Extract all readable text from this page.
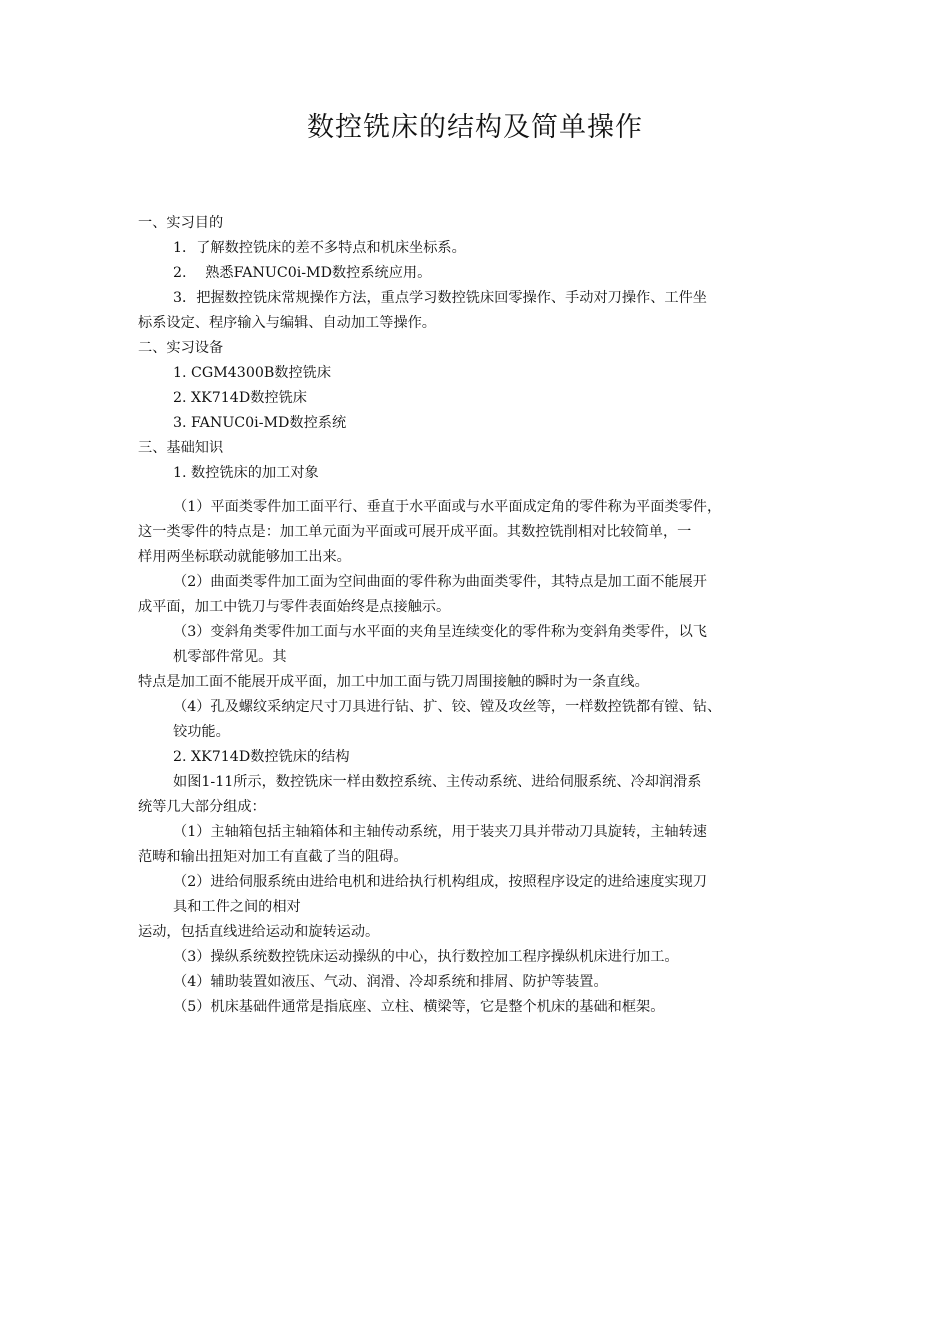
数控铣床的结构及简单操作
一、实习目的
1．了解数控铣床的差不多特点和机床坐标系。
2.　 熟悉FANUC0i-MD数控系统应用。
3．把握数控铣床常规操作方法，重点学习数控铣床回零操作、手动对刀操作、工件坐
标系设定、程序输入与编辑、自动加工等操作。
二、实习设备
1. CGM4300B数控铣床
2. XK714D数控铣床
3. FANUC0i-MD数控系统
三、基础知识
1. 数控铣床的加工对象
（1）平面类零件加工面平行、垂直于水平面或与水平面成定角的零件称为平面类零件，
这一类零件的特点是：加工单元面为平面或可展开成平面。其数控铣削相对比较简单，一
样用两坐标联动就能够加工出来。
（2）曲面类零件加工面为空间曲面的零件称为曲面类零件，其特点是加工面不能展开
成平面，加工中铣刀与零件表面始终是点接触示。
（3）变斜角类零件加工面与水平面的夹角呈连续变化的零件称为变斜角类零件，以飞
机零部件常见。其
特点是加工面不能展开成平面，加工中加工面与铣刀周围接触的瞬时为一条直线。
（4）孔及螺纹采纳定尺寸刀具进行钻、扩、铰、镗及攻丝等，一样数控铣都有镗、钻、
铰功能。
2. XK714D数控铣床的结构
如图1-11所示，数控铣床一样由数控系统、主传动系统、进给伺服系统、冷却润滑系
统等几大部分组成：
（1）主轴箱包括主轴箱体和主轴传动系统，用于装夹刀具并带动刀具旋转，主轴转速
范畴和输出扭矩对加工有直截了当的阻碍。
（2）进给伺服系统由进给电机和进给执行机构组成，按照程序设定的进给速度实现刀
具和工件之间的相对
运动，包括直线进给运动和旋转运动。
（3）操纵系统数控铣床运动操纵的中心，执行数控加工程序操纵机床进行加工。
（4）辅助装置如液压、气动、润滑、冷却系统和排屑、防护等装置。
（5）机床基础件通常是指底座、立柱、横梁等，它是整个机床的基础和框架。
